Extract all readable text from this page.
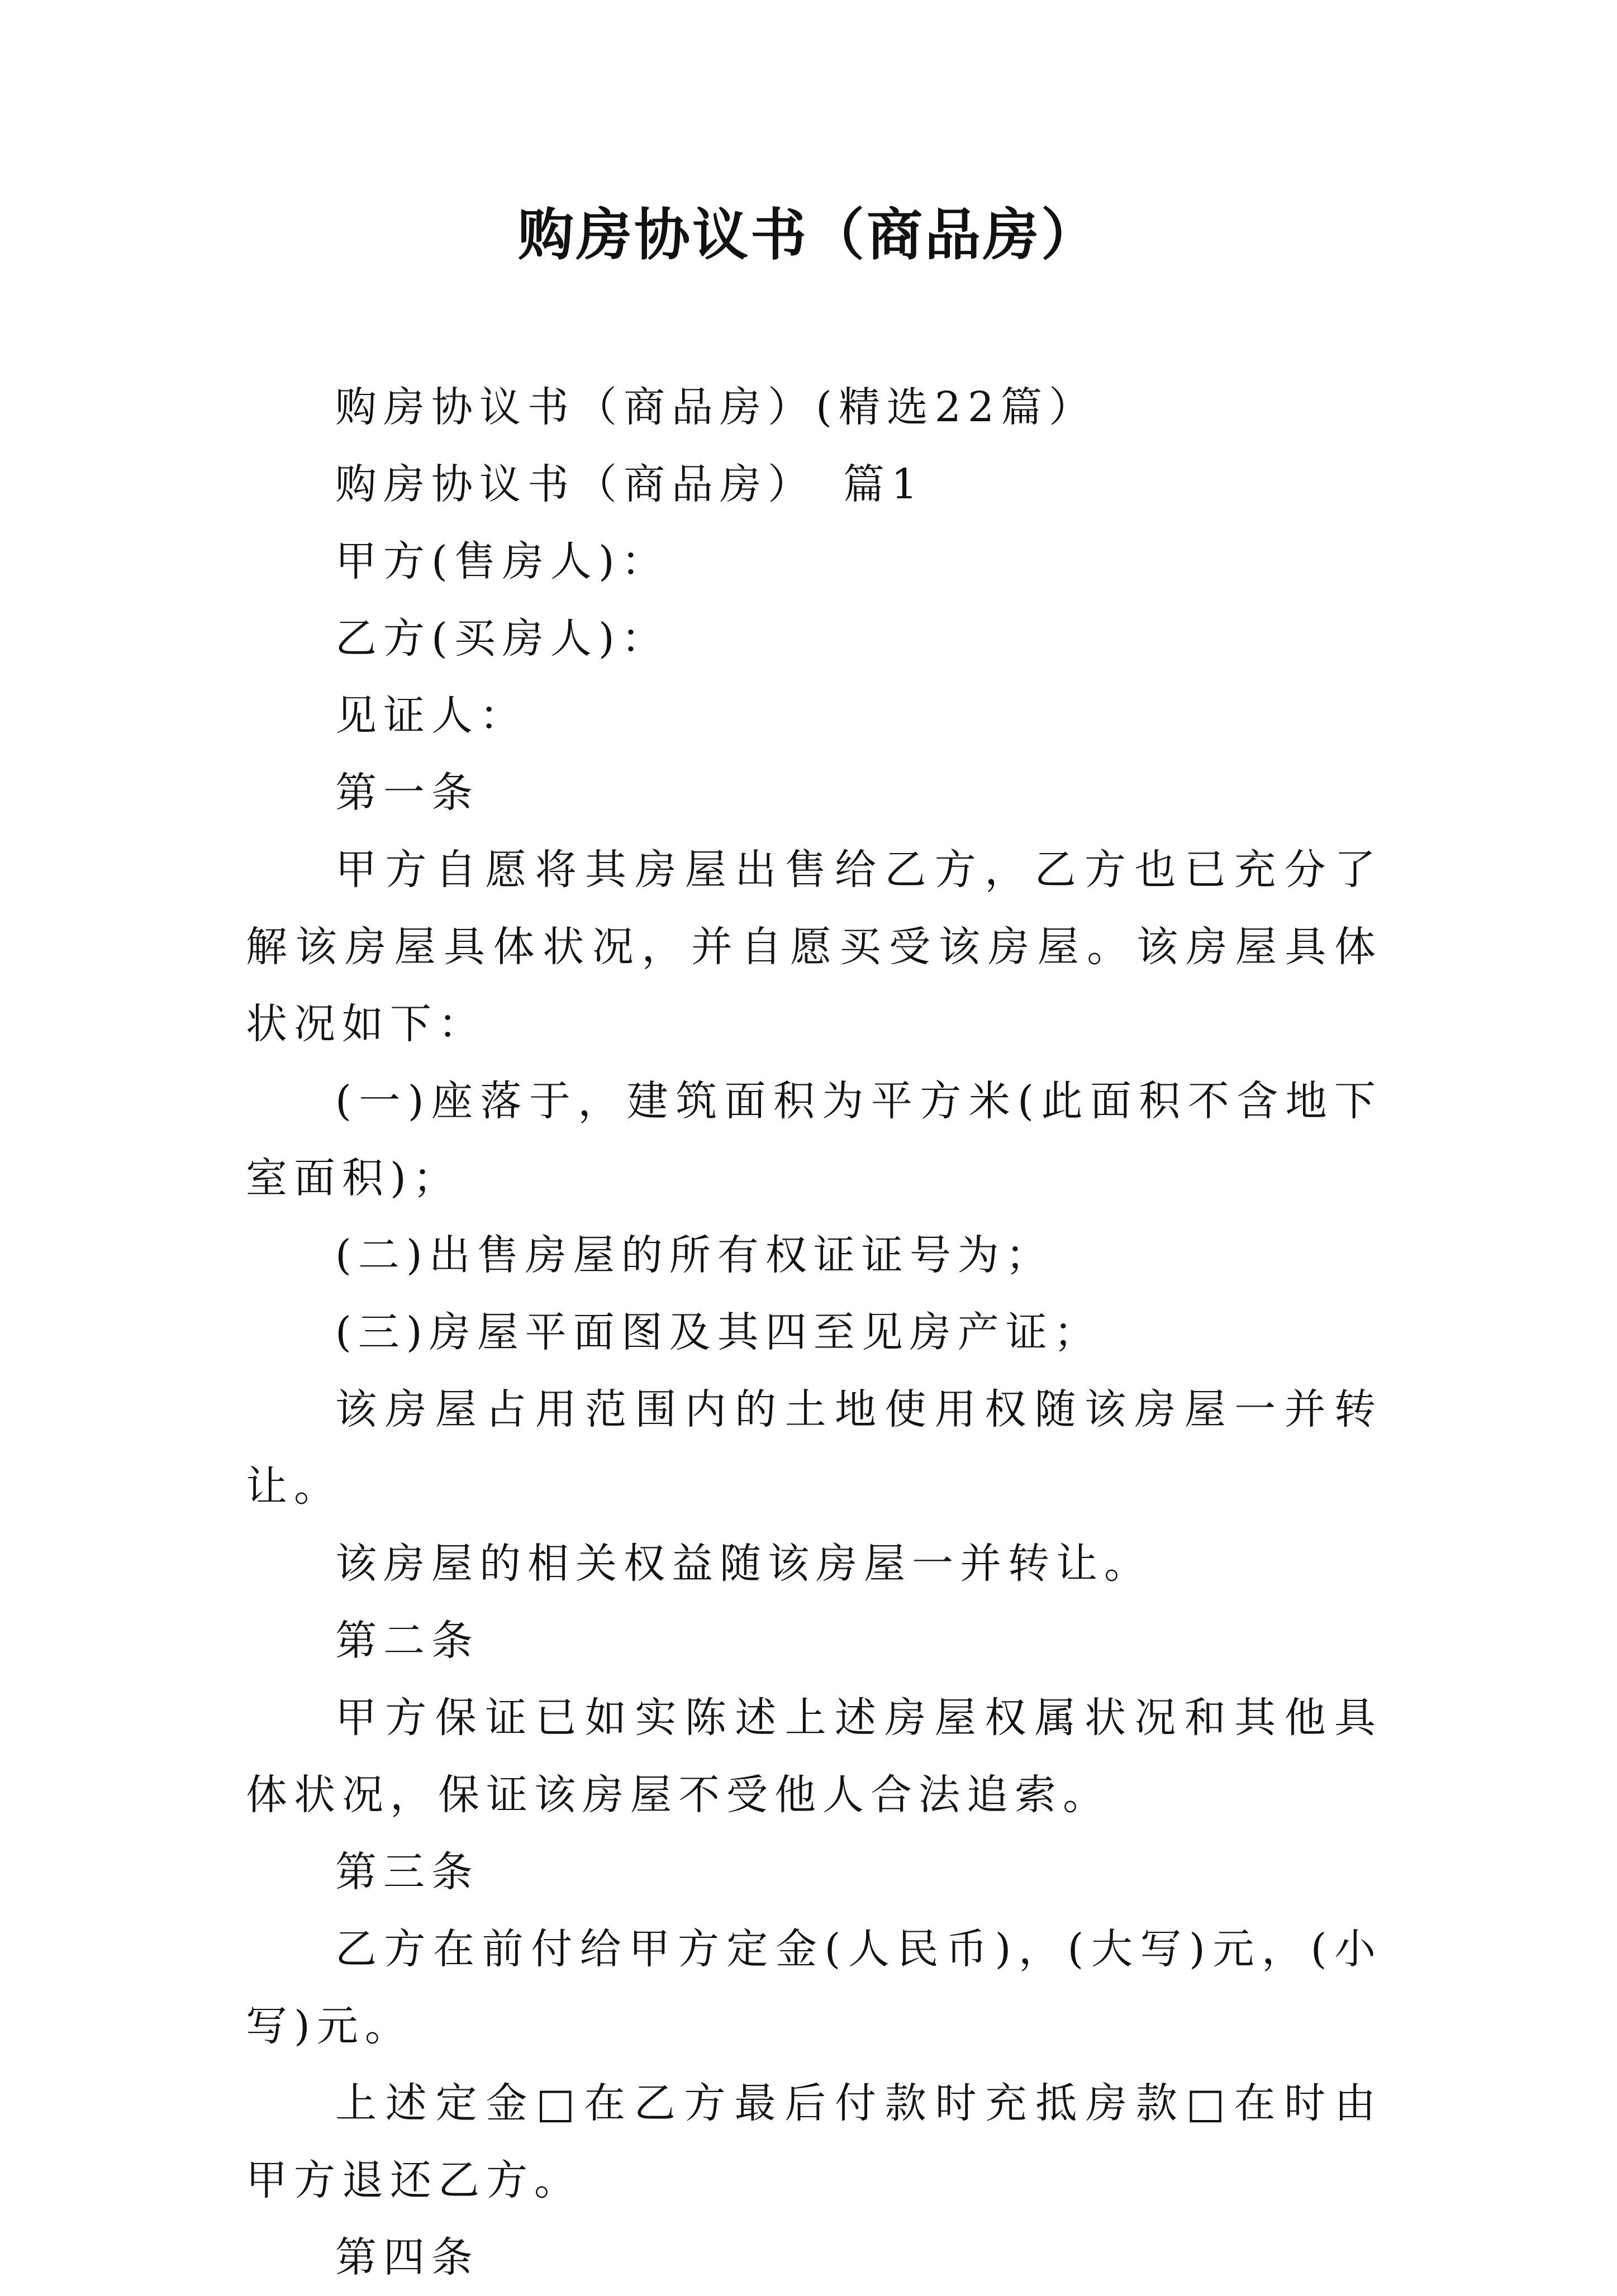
购房协议书（商品房）

购房协议书（商品房）(精选22篇）

购房协议书（商品房）　篇1

甲方(售房人)：

乙方(买房人)：

见证人：

第一条

甲方自愿将其房屋出售给乙方，乙方也已充分了解该房屋具体状况，并自愿买受该房屋。该房屋具体状况如下：

(一)座落于，建筑面积为平方米(此面积不含地下室面积)；

(二)出售房屋的所有权证证号为；

(三)房屋平面图及其四至见房产证；

该房屋占用范围内的土地使用权随该房屋一并转让。

该房屋的相关权益随该房屋一并转让。

第二条

甲方保证已如实陈述上述房屋权属状况和其他具体状况，保证该房屋不受他人合法追索。

第三条

乙方在前付给甲方定金(人民币)，(大写)元，(小写)元。

上述定金□在乙方最后付款时充抵房款□在时由甲方退还乙方。

第四条
